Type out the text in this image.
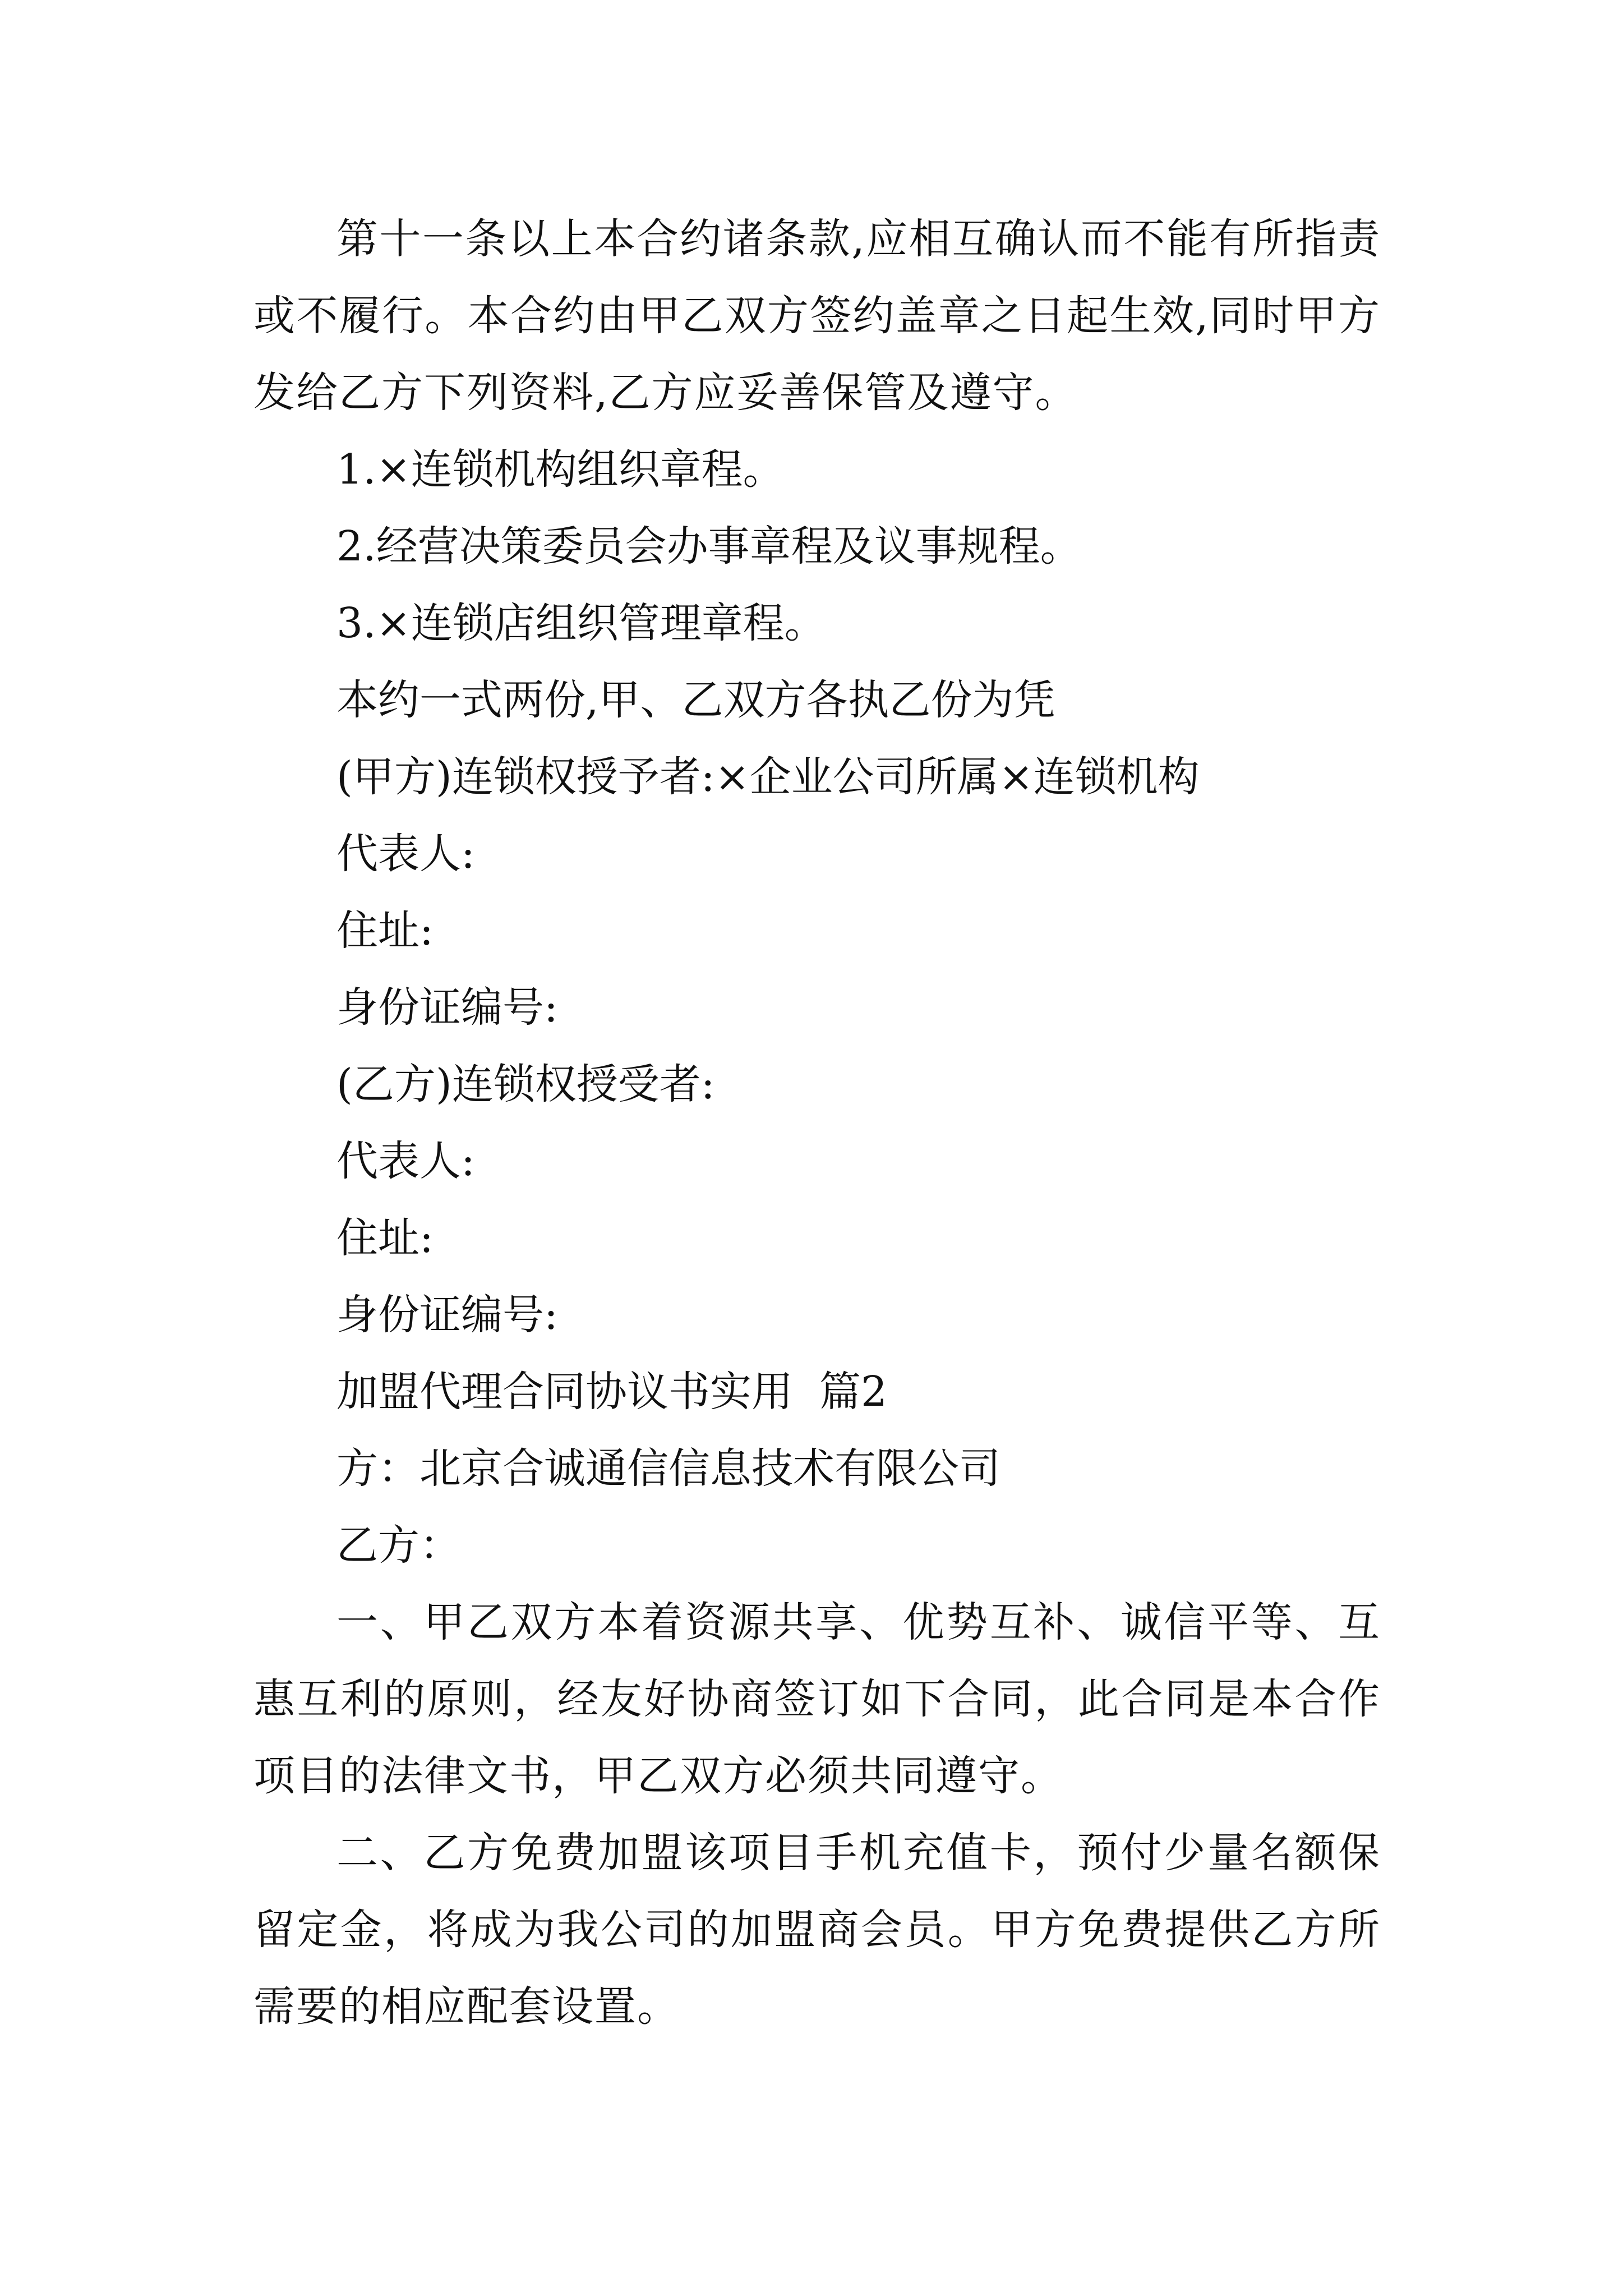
第十一条以上本合约诸条款,应相互确认而不能有所指责或不履行。本合约由甲乙双方签约盖章之日起生效,同时甲方发给乙方下列资料,乙方应妥善保管及遵守。

1.×连锁机构组织章程。

2.经营决策委员会办事章程及议事规程。

3.×连锁店组织管理章程。

本约一式两份,甲、乙双方各执乙份为凭

(甲方)连锁权授予者:×企业公司所属×连锁机构

代表人:

住址:

身份证编号:

(乙方)连锁权授受者:

代表人:

住址:

身份证编号:

加盟代理合同协议书实用  篇2

方：北京合诚通信信息技术有限公司

乙方：

一、甲乙双方本着资源共享、优势互补、诚信平等、互惠互利的原则，经友好协商签订如下合同，此合同是本合作项目的法律文书，甲乙双方必须共同遵守。

二、乙方免费加盟该项目手机充值卡，预付少量名额保留定金，将成为我公司的加盟商会员。甲方免费提供乙方所需要的相应配套设置。
